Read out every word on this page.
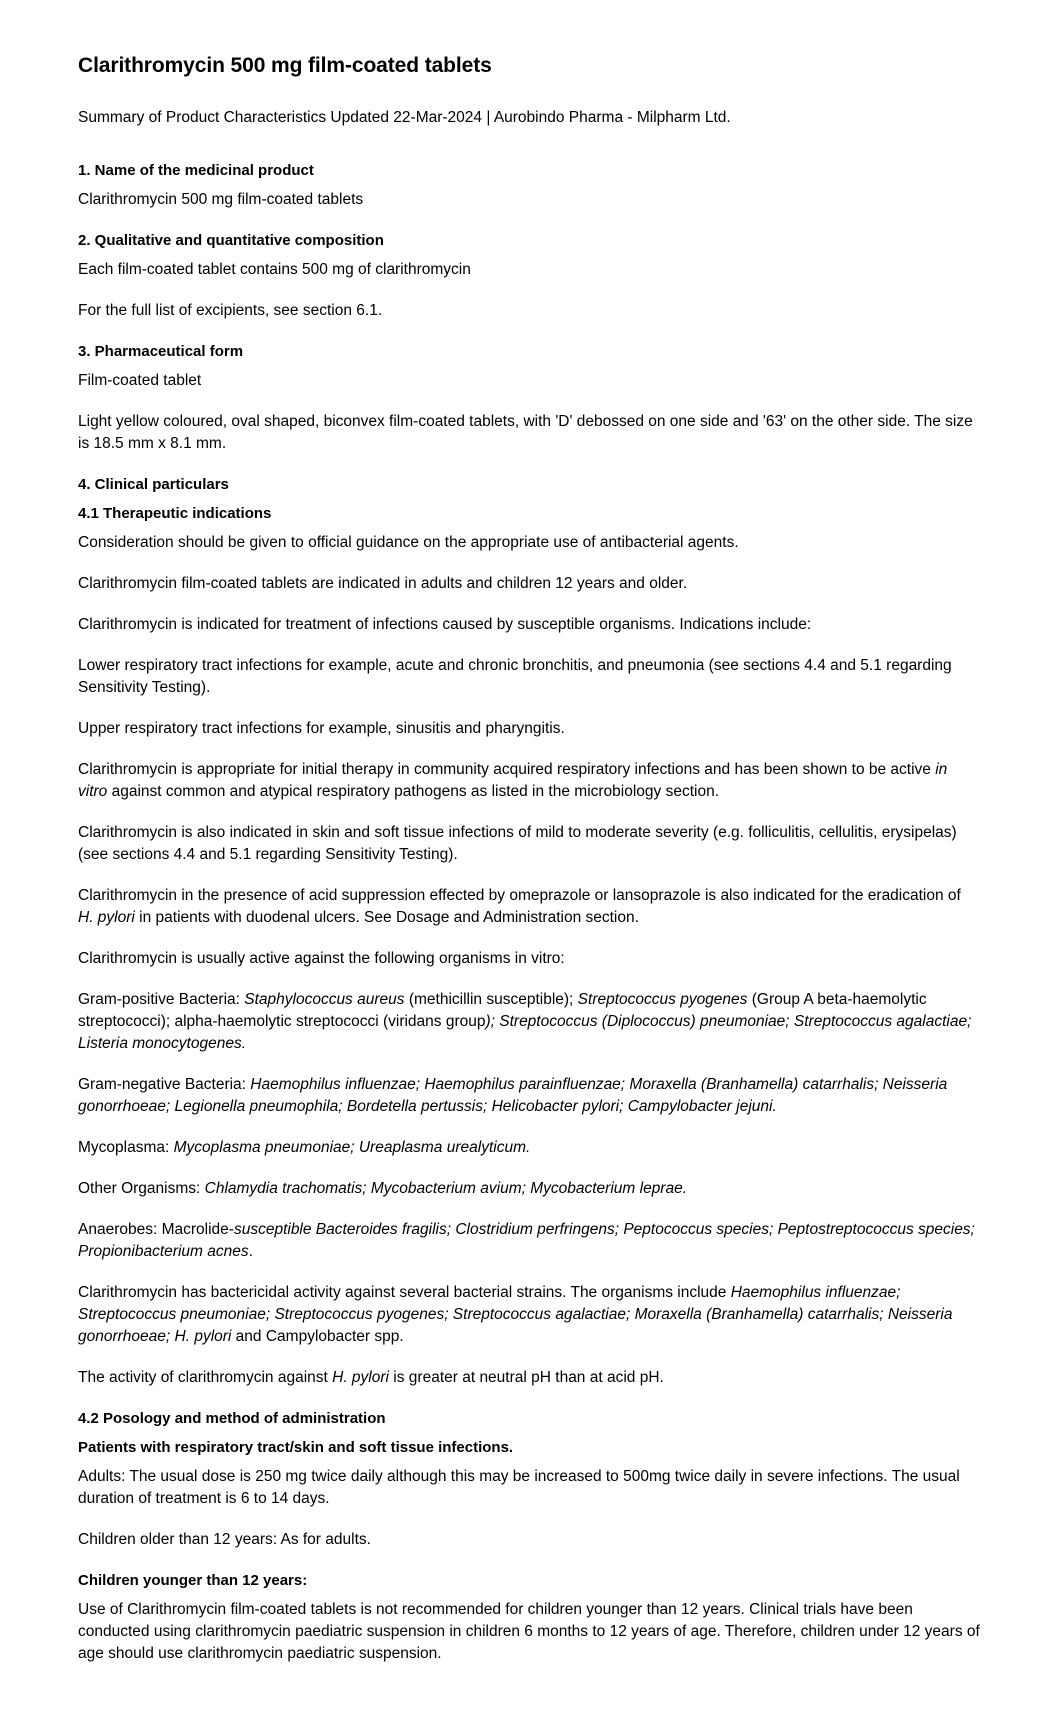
Clarithromycin 500 mg film-coated tablets

Summary of Product Characteristics Updated 22-Mar-2024 | Aurobindo Pharma - Milpharm Ltd.

1. Name of the medicinal product

Clarithromycin 500 mg film-coated tablets

2. Qualitative and quantitative composition

Each film-coated tablet contains 500 mg of clarithromycin

For the full list of excipients, see section 6.1.

3. Pharmaceutical form

Film-coated tablet

Light yellow coloured, oval shaped, biconvex film-coated tablets, with 'D' debossed on one side and '63' on the other side. The size is 18.5 mm x 8.1 mm.

4. Clinical particulars
4.1 Therapeutic indications

Consideration should be given to official guidance on the appropriate use of antibacterial agents.

Clarithromycin film-coated tablets are indicated in adults and children 12 years and older.

Clarithromycin is indicated for treatment of infections caused by susceptible organisms. Indications include:

Lower respiratory tract infections for example, acute and chronic bronchitis, and pneumonia (see sections 4.4 and 5.1 regarding Sensitivity Testing).

Upper respiratory tract infections for example, sinusitis and pharyngitis.

Clarithromycin is appropriate for initial therapy in community acquired respiratory infections and has been shown to be active in vitro against common and atypical respiratory pathogens as listed in the microbiology section.

Clarithromycin is also indicated in skin and soft tissue infections of mild to moderate severity (e.g. folliculitis, cellulitis, erysipelas) (see sections 4.4 and 5.1 regarding Sensitivity Testing).

Clarithromycin in the presence of acid suppression effected by omeprazole or lansoprazole is also indicated for the eradication of H. pylori in patients with duodenal ulcers. See Dosage and Administration section.

Clarithromycin is usually active against the following organisms in vitro:

Gram-positive Bacteria: Staphylococcus aureus (methicillin susceptible); Streptococcus pyogenes (Group A beta-haemolytic streptococci); alpha-haemolytic streptococci (viridans group); Streptococcus (Diplococcus) pneumoniae; Streptococcus agalactiae; Listeria monocytogenes.

Gram-negative Bacteria: Haemophilus influenzae; Haemophilus parainfluenzae; Moraxella (Branhamella) catarrhalis; Neisseria gonorrhoeae; Legionella pneumophila; Bordetella pertussis; Helicobacter pylori; Campylobacter jejuni.

Mycoplasma: Mycoplasma pneumoniae; Ureaplasma urealyticum.

Other Organisms: Chlamydia trachomatis; Mycobacterium avium; Mycobacterium leprae.

Anaerobes: Macrolide-susceptible Bacteroides fragilis; Clostridium perfringens; Peptococcus species; Peptostreptococcus species; Propionibacterium acnes.

Clarithromycin has bactericidal activity against several bacterial strains. The organisms include Haemophilus influenzae; Streptococcus pneumoniae; Streptococcus pyogenes; Streptococcus agalactiae; Moraxella (Branhamella) catarrhalis; Neisseria gonorrhoeae; H. pylori and Campylobacter spp.

The activity of clarithromycin against H. pylori is greater at neutral pH than at acid pH.

4.2 Posology and method of administration
Patients with respiratory tract/skin and soft tissue infections.

Adults: The usual dose is 250 mg twice daily although this may be increased to 500mg twice daily in severe infections. The usual duration of treatment is 6 to 14 days.

Children older than 12 years: As for adults.

Children younger than 12 years:

Use of Clarithromycin film-coated tablets is not recommended for children younger than 12 years. Clinical trials have been conducted using clarithromycin paediatric suspension in children 6 months to 12 years of age. Therefore, children under 12 years of age should use clarithromycin paediatric suspension.
